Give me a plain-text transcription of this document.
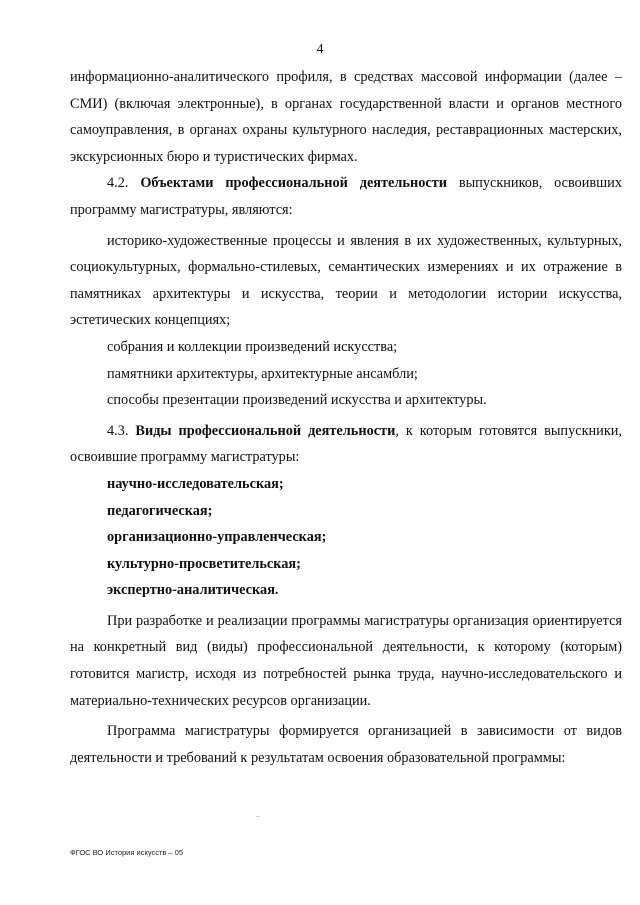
4

информационно-аналитического профиля, в средствах массовой информации (далее – СМИ) (включая электронные), в органах государственной власти и органов местного самоуправления, в органах охраны культурного наследия, реставрационных мастерских, экскурсионных бюро и туристических фирмах.

4.2. Объектами профессиональной деятельности выпускников, освоивших программу магистратуры, являются:

историко-художественные процессы и явления в их художественных, культурных, социокультурных, формально-стилевых, семантических измерениях и их отражение в памятниках архитектуры и искусства, теории и методологии истории искусства, эстетических концепциях;

собрания и коллекции произведений искусства;

памятники архитектуры, архитектурные ансамбли;

способы презентации произведений искусства и архитектуры.

4.3. Виды профессиональной деятельности, к которым готовятся выпускники, освоившие программу магистратуры:

научно-исследовательская;

педагогическая;

организационно-управленческая;

культурно-просветительская;

экспертно-аналитическая.

При разработке и реализации программы магистратуры организация ориентируется на конкретный вид (виды) профессиональной деятельности, к которому (которым) готовится магистр, исходя из потребностей рынка труда, научно-исследовательского и материально-технических ресурсов организации.

Программа магистратуры формируется организацией в зависимости от видов деятельности и требований к результатам освоения образовательной программы:

..
ФГОС ВО История искусств – 05
